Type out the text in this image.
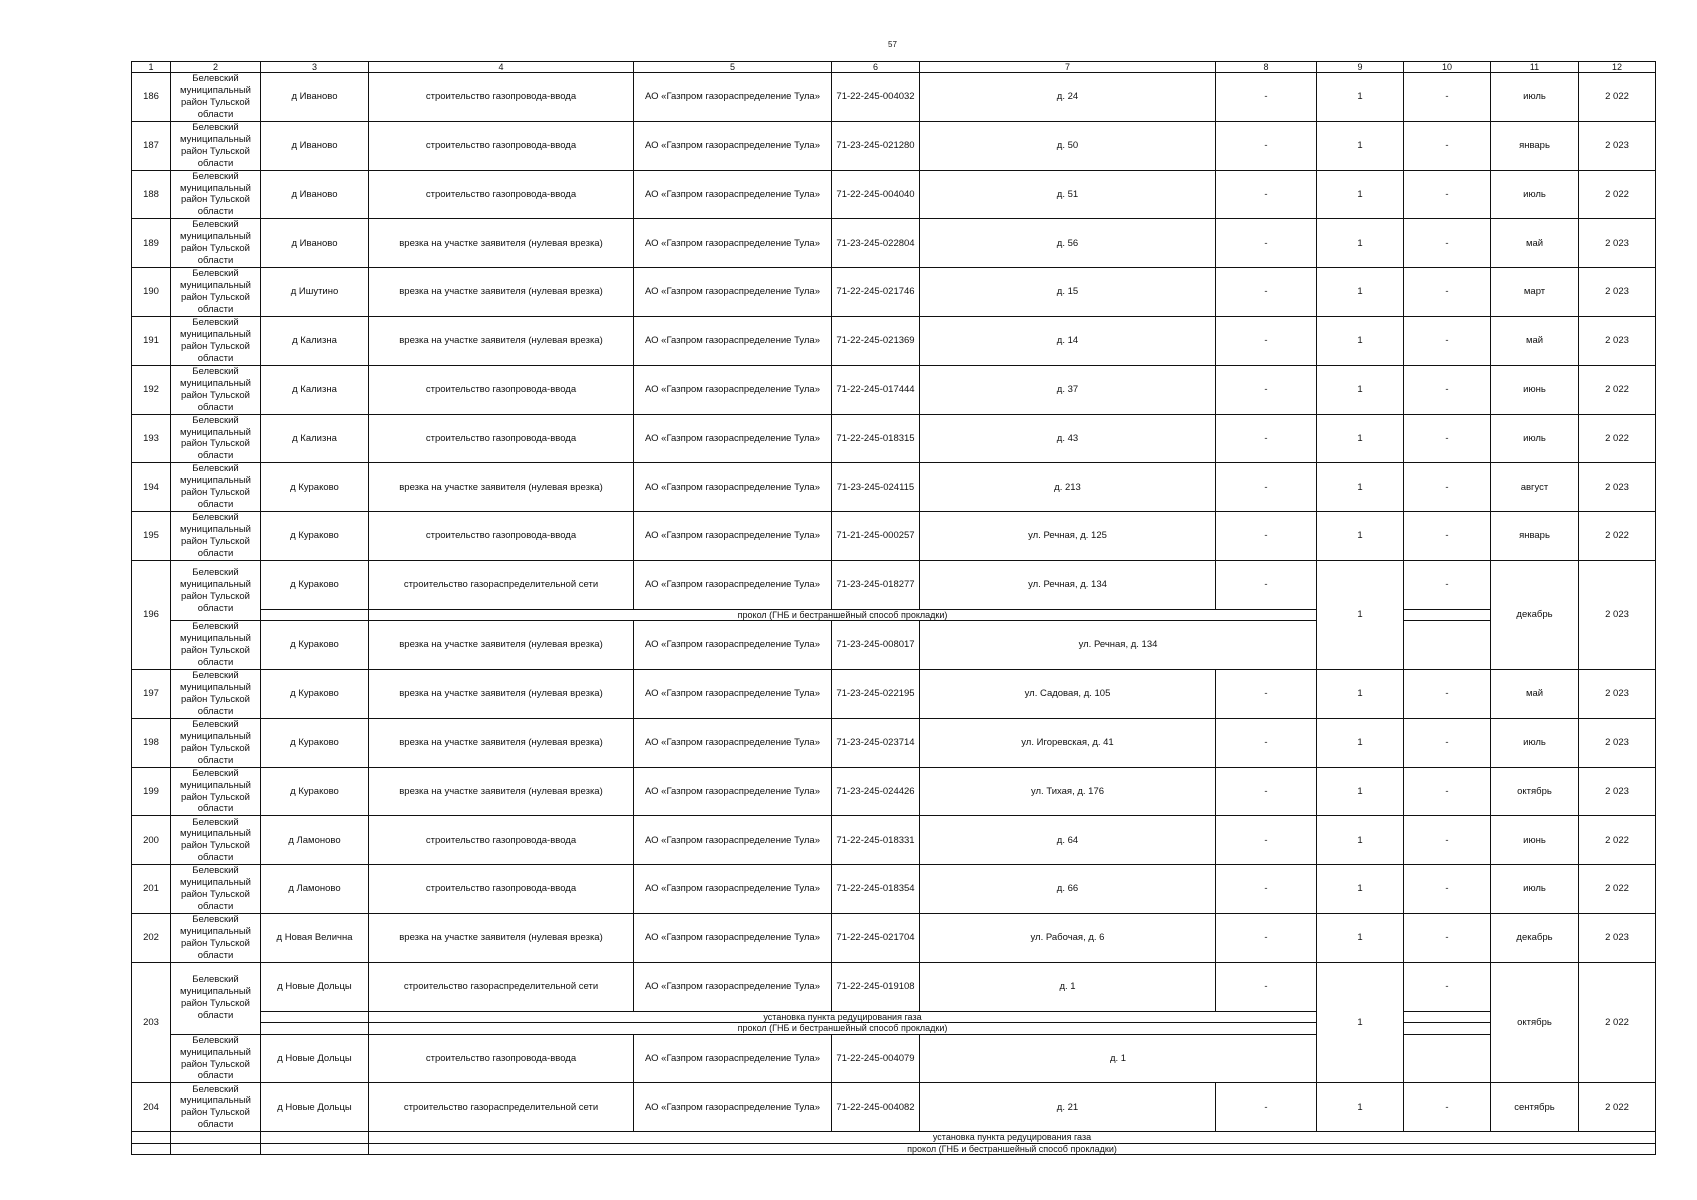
57
1	2	3	4	5	6	7	8	9	10	11	12
186	Белевский муниципальный район Тульской области	д Иваново	строительство газопровода-ввода	АО «Газпром газораспределение Тула»	71-22-245-004032	д. 24	-	1	-	июль	2 022
187	Белевский муниципальный район Тульской области	д Иваново	строительство газопровода-ввода	АО «Газпром газораспределение Тула»	71-23-245-021280	д. 50	-	1	-	январь	2 023
188	Белевский муниципальный район Тульской области	д Иваново	строительство газопровода-ввода	АО «Газпром газораспределение Тула»	71-22-245-004040	д. 51	-	1	-	июль	2 022
189	Белевский муниципальный район Тульской области	д Иваново	врезка на участке заявителя (нулевая врезка)	АО «Газпром газораспределение Тула»	71-23-245-022804	д. 56	-	1	-	май	2 023
190	Белевский муниципальный район Тульской области	д Ишутино	врезка на участке заявителя (нулевая врезка)	АО «Газпром газораспределение Тула»	71-22-245-021746	д. 15	-	1	-	март	2 023
191	Белевский муниципальный район Тульской области	д Кализна	врезка на участке заявителя (нулевая врезка)	АО «Газпром газораспределение Тула»	71-22-245-021369	д. 14	-	1	-	май	2 023
192	Белевский муниципальный район Тульской области	д Кализна	строительство газопровода-ввода	АО «Газпром газораспределение Тула»	71-22-245-017444	д. 37	-	1	-	июнь	2 022
193	Белевский муниципальный район Тульской области	д Кализна	строительство газопровода-ввода	АО «Газпром газораспределение Тула»	71-22-245-018315	д. 43	-	1	-	июль	2 022
194	Белевский муниципальный район Тульской области	д Кураково	врезка на участке заявителя (нулевая врезка)	АО «Газпром газораспределение Тула»	71-23-245-024115	д. 213	-	1	-	август	2 023
195	Белевский муниципальный район Тульской области	д Кураково	строительство газопровода-ввода	АО «Газпром газораспределение Тула»	71-21-245-000257	ул. Речная, д. 125	-	1	-	январь	2 022
196	Белевский муниципальный район Тульской области	д Кураково	строительство газораспределительной сети	АО «Газпром газораспределение Тула»	71-23-245-018277	ул. Речная, д. 134	-	1	-	декабрь	2 023
			прокол (ГНБ и бестраншейный способ прокладки)								
	Белевский муниципальный район Тульской области	д Кураково	врезка на участке заявителя (нулевая врезка)	АО «Газпром газораспределение Тула»	71-23-245-008017	ул. Речная, д. 134					
197	Белевский муниципальный район Тульской области	д Кураково	врезка на участке заявителя (нулевая врезка)	АО «Газпром газораспределение Тула»	71-23-245-022195	ул. Садовая, д. 105	-	1	-	май	2 023
198	Белевский муниципальный район Тульской области	д Кураково	врезка на участке заявителя (нулевая врезка)	АО «Газпром газораспределение Тула»	71-23-245-023714	ул. Игоревская, д. 41	-	1	-	июль	2 023
199	Белевский муниципальный район Тульской области	д Кураково	врезка на участке заявителя (нулевая врезка)	АО «Газпром газораспределение Тула»	71-23-245-024426	ул. Тихая, д. 176	-	1	-	октябрь	2 023
200	Белевский муниципальный район Тульской области	д Ламоново	строительство газопровода-ввода	АО «Газпром газораспределение Тула»	71-22-245-018331	д. 64	-	1	-	июнь	2 022
201	Белевский муниципальный район Тульской области	д Ламоново	строительство газопровода-ввода	АО «Газпром газораспределение Тула»	71-22-245-018354	д. 66	-	1	-	июль	2 022
202	Белевский муниципальный район Тульской области	д Новая Велична	врезка на участке заявителя (нулевая врезка)	АО «Газпром газораспределение Тула»	71-22-245-021704	ул. Рабочая, д. 6	-	1	-	декабрь	2 023
203	Белевский муниципальный район Тульской области	д Новые Дольцы	строительство газораспределительной сети	АО «Газпром газораспределение Тула»	71-22-245-019108	д. 1	-	1	-	октябрь	2 022
			установка пункта редуцирования газа								
			прокол (ГНБ и бестраншейный способ прокладки)								
	Белевский муниципальный район Тульской области	д Новые Дольцы	строительство газопровода-ввода	АО «Газпром газораспределение Тула»	71-22-245-004079	д. 1					
204	Белевский муниципальный район Тульской области	д Новые Дольцы	строительство газораспределительной сети	АО «Газпром газораспределение Тула»	71-22-245-004082	д. 21	-	1	-	сентябрь	2 022
			установка пункта редуцирования газа								
			прокол (ГНБ и бестраншейный способ прокладки)								
